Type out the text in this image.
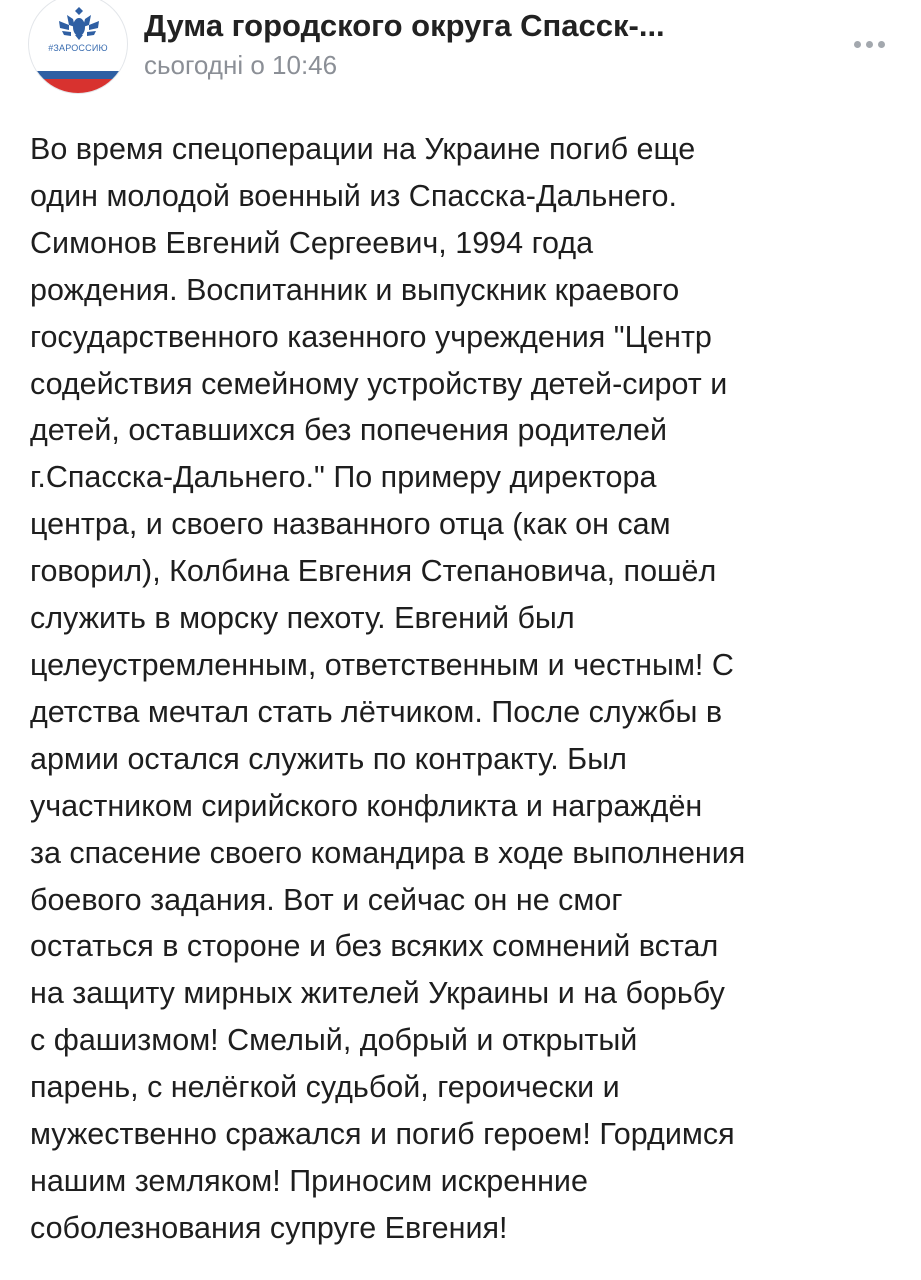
#ЗАРОССИЮ
Дума городского округа Спасск-...
сьогодні о 10:46
Во время спецоперации на Украине погиб еще
один молодой военный из Спасска-Дальнего.
Симонов Евгений Сергеевич, 1994 года
рождения. Воспитанник и выпускник краевого
государственного казенного учреждения "Центр
содействия семейному устройству детей-сирот и
детей, оставшихся без попечения родителей
г.Спасска-Дальнего." По примеру директора
центра, и своего названного отца (как он сам
говорил), Колбина Евгения Степановича, пошёл
служить в морску пехоту. Евгений был
целеустремленным, ответственным и честным! С
детства мечтал стать лётчиком. После службы в
армии остался служить по контракту. Был
участником сирийского конфликта и награждён
за спасение своего командира в ходе выполнения
боевого задания. Вот и сейчас он не смог
остаться в стороне и без всяких сомнений встал
на защиту мирных жителей Украины и на борьбу
с фашизмом! Смелый, добрый и открытый
парень, с нелёгкой судьбой, героически и
мужественно сражался и погиб героем! Гордимся
нашим земляком! Приносим искренние
соболезнования супруге Евгения!
